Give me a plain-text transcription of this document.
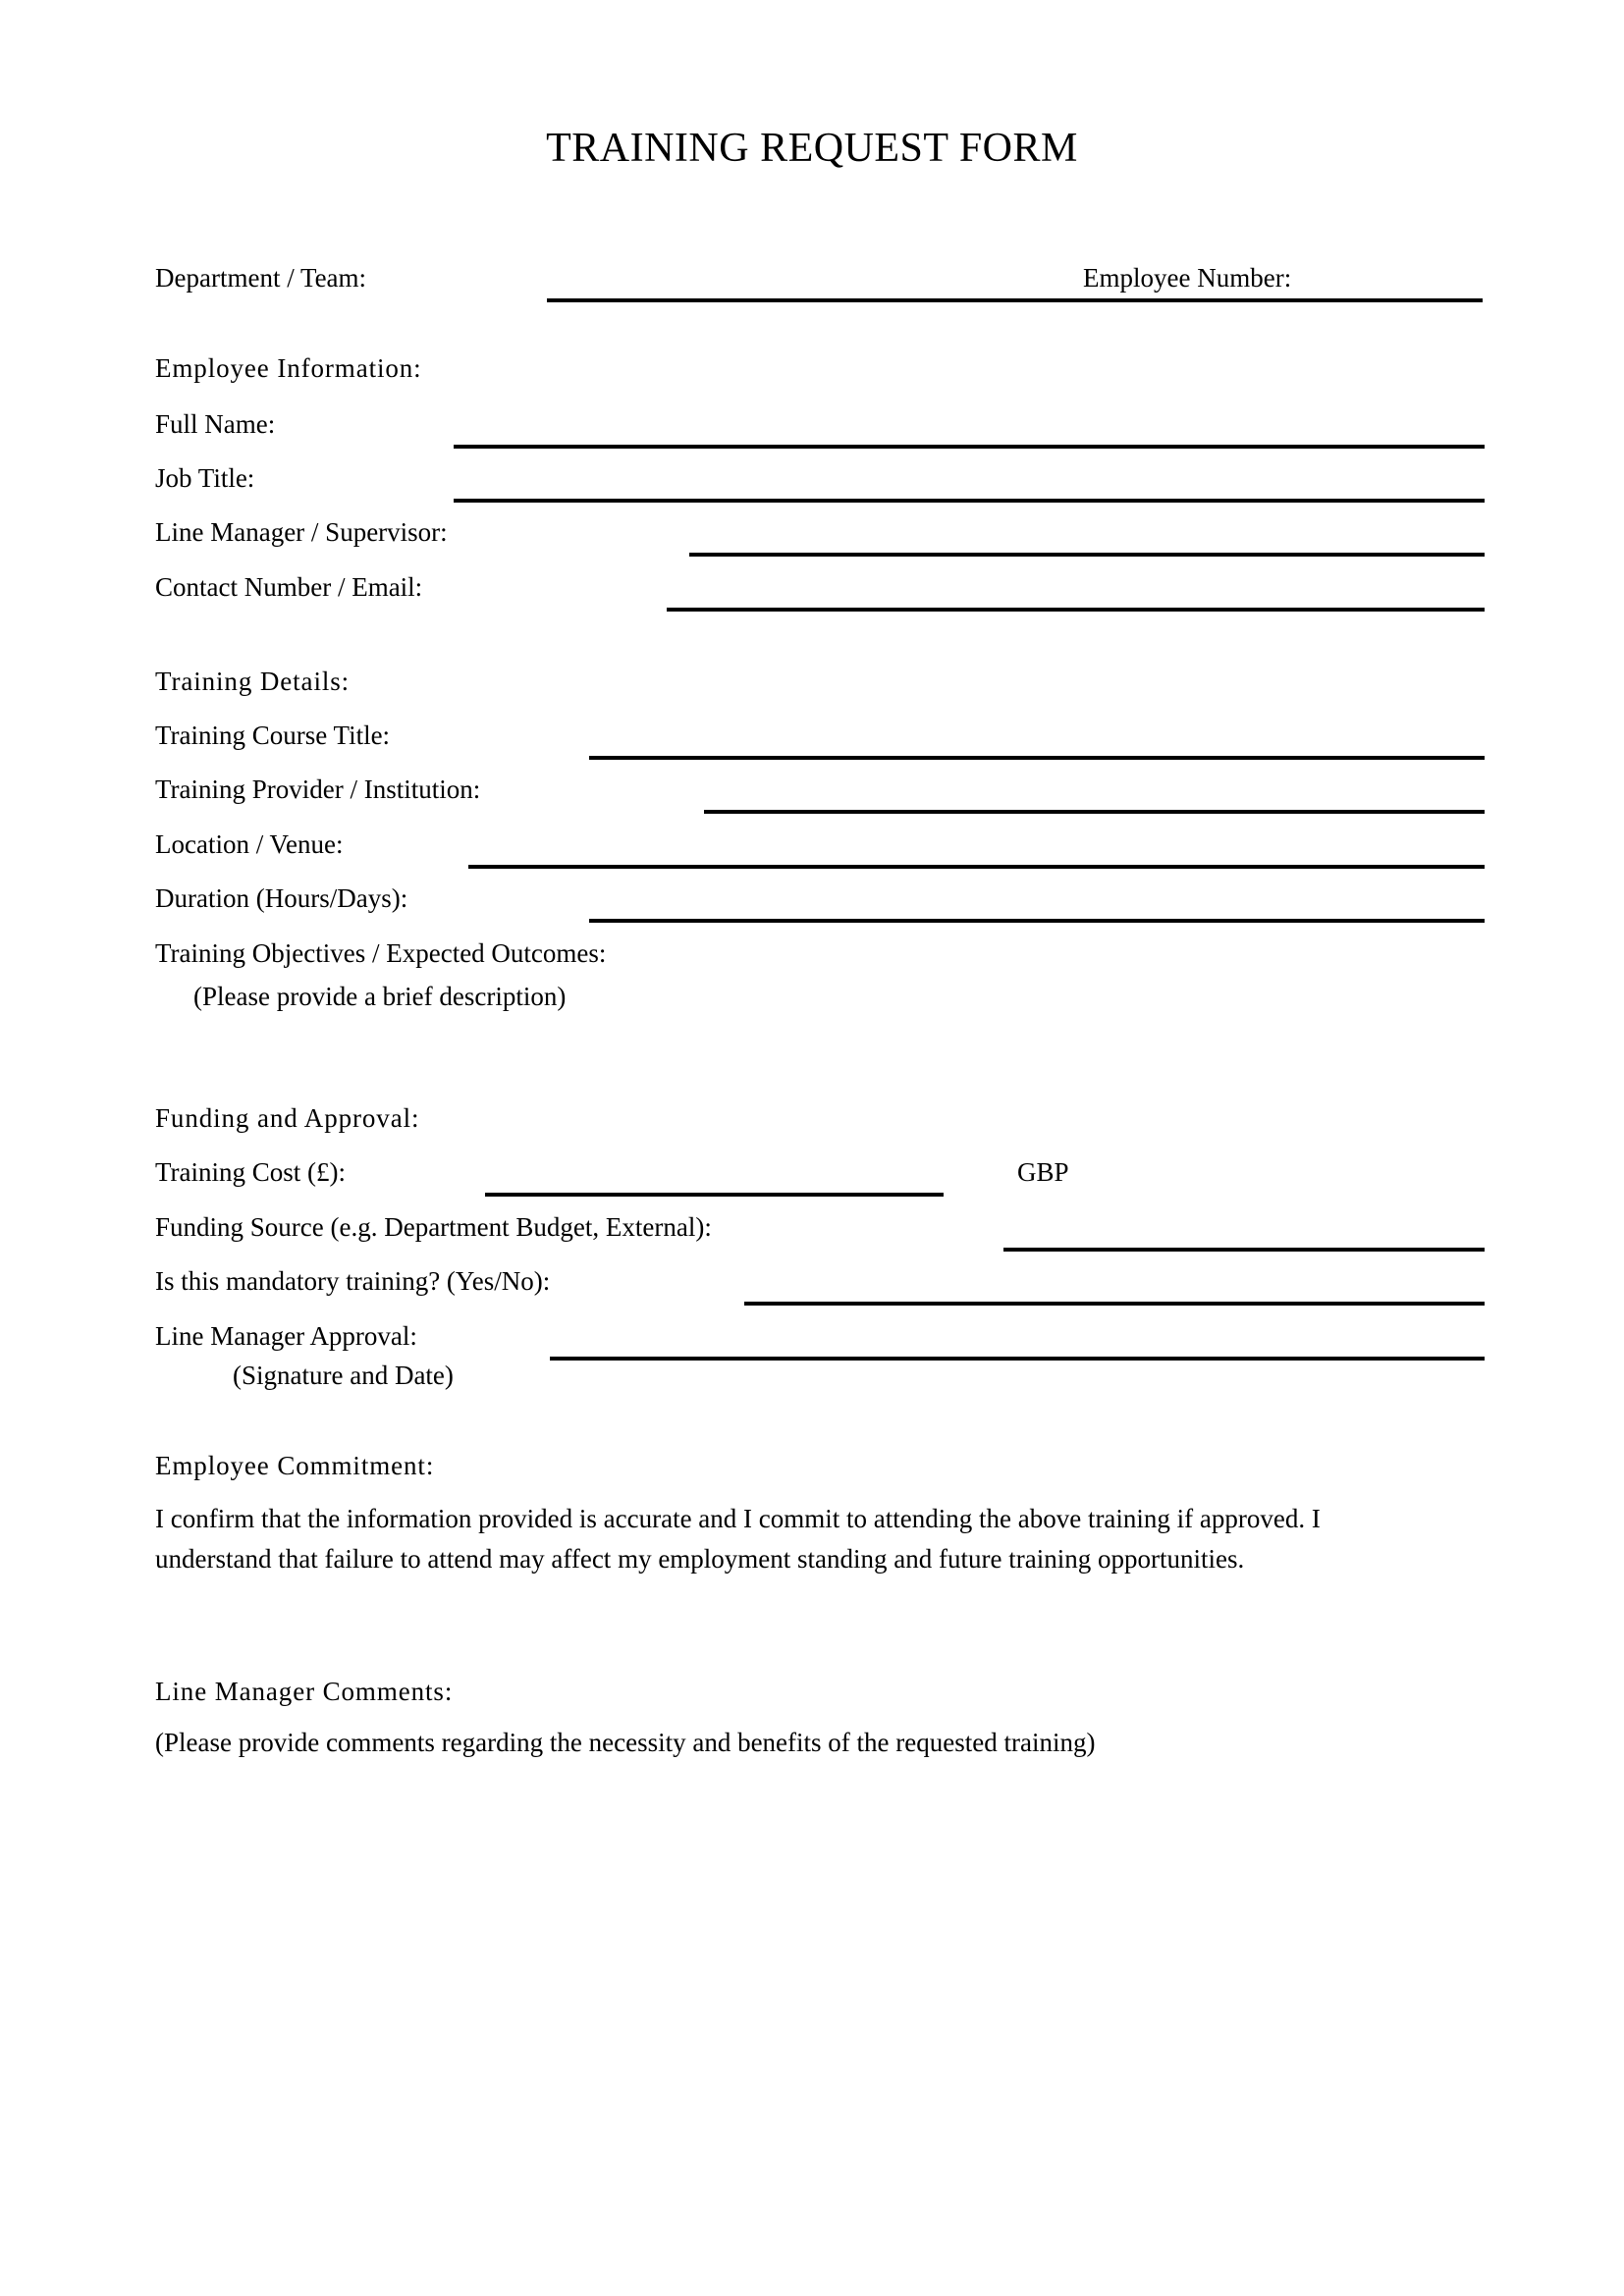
TRAINING REQUEST FORM
Department / Team:	Employee Number:
Employee Information:
Full Name:
Job Title:
Line Manager / Supervisor:
Contact Number / Email:
Training Details:
Training Course Title:
Training Provider / Institution:
Location / Venue:
Duration (Hours/Days):
Training Objectives / Expected Outcomes:
(Please provide a brief description)
Funding and Approval:
Training Cost (£):	GBP
Funding Source (e.g. Department Budget, External):
Is this mandatory training? (Yes/No):
Line Manager Approval:
(Signature and Date)
Employee Commitment:
I confirm that the information provided is accurate and I commit to attending the above training if approved. I understand that failure to attend may affect my employment standing and future training opportunities.
Line Manager Comments:
(Please provide comments regarding the necessity and benefits of the requested training)
